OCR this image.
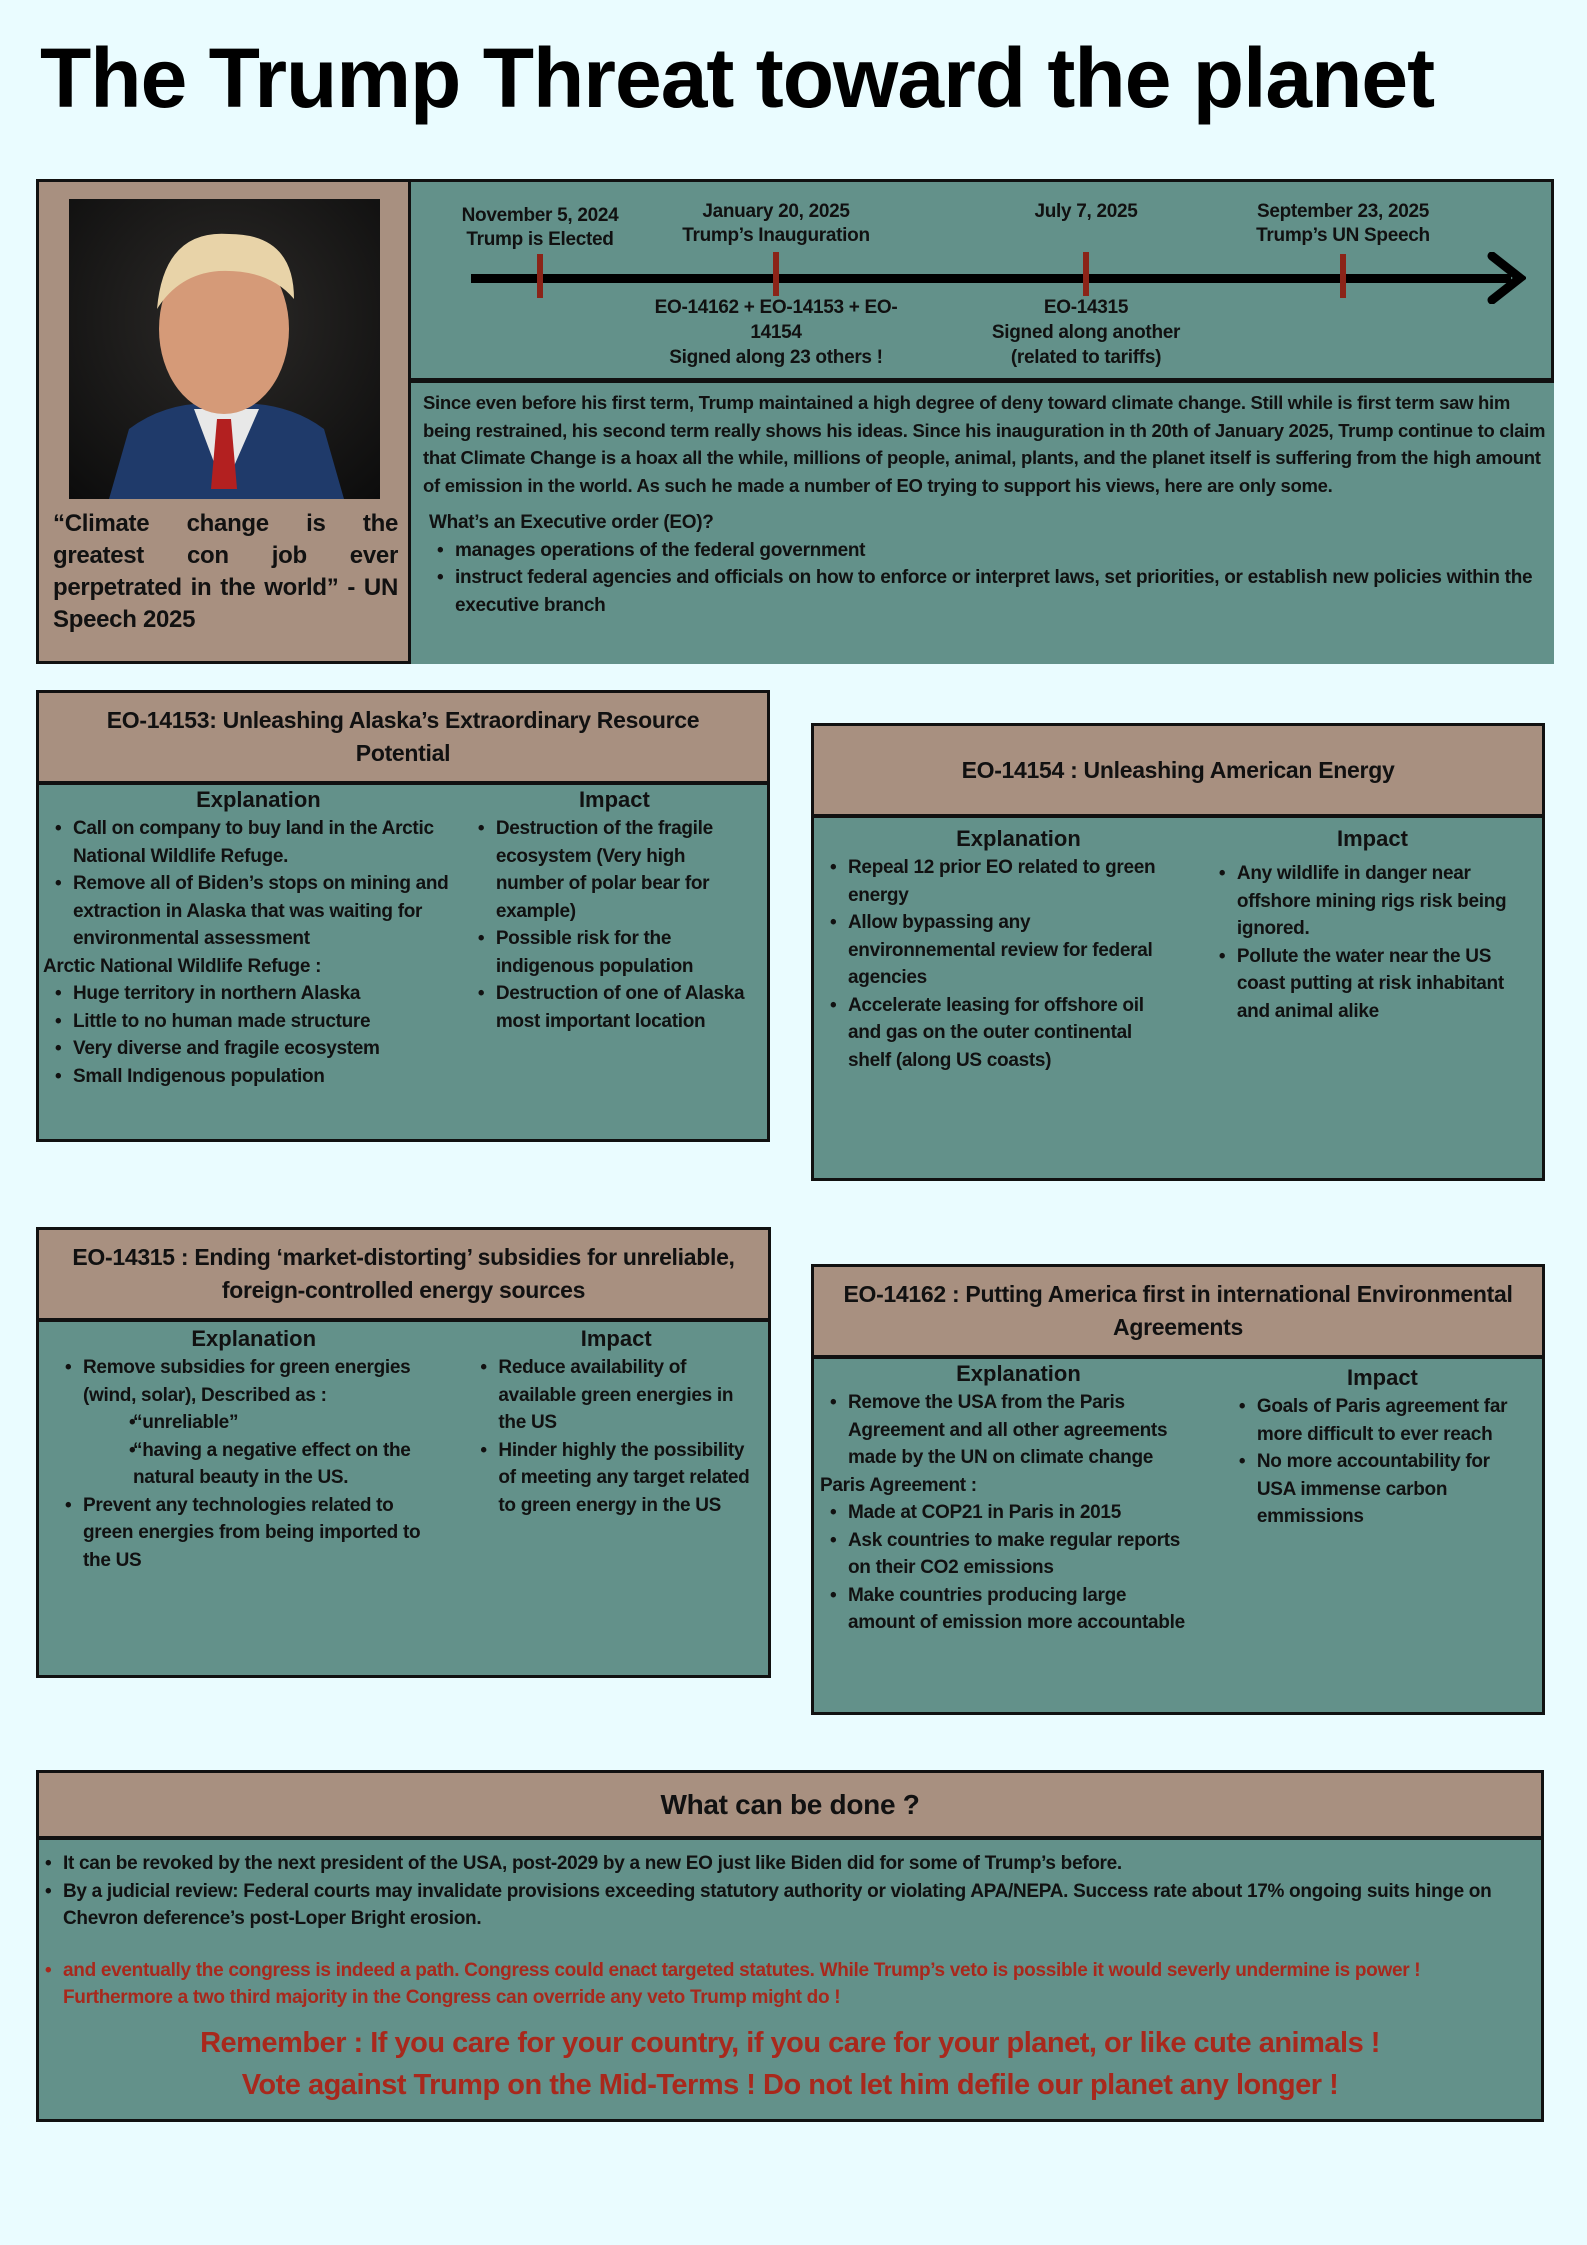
The Trump Threat toward the planet
“Climate change is the greatest con job ever perpetrated in the world” - UN Speech 2025
November 5, 2024
Trump is Elected
January 20, 2025
Trump’s Inauguration
July 7, 2025	September 23, 2025
Trump’s UN Speech
EO-14162 + EO-14153 + EO-14154
Signed along 23 others !
EO-14315
Signed along another
(related to tariffs)

Since even before his first term, Trump maintained a high degree of deny toward climate change. Still while is first term saw him being restrained, his second term really shows his ideas. Since his inauguration in th 20th of January 2025, Trump continue to claim that Climate Change is a hoax all the while, millions of people, animal, plants, and the planet itself is suffering from the high amount of emission in the world. As such he made a number of EO trying to support his views, here are only some.

What’s an Executive order (EO)?

• manages operations of the federal government
• instruct federal agencies and officials on how to enforce or interpret laws, set priorities, or establish new policies within the executive branch
EO-14153: Unleashing Alaska’s Extraordinary Resource Potential
Explanation
• Call on company to buy land in the Arctic National Wildlife Refuge.
• Remove all of Biden’s stops on mining and extraction in Alaska that was waiting for environmental assessment

Arctic National Wildlife Refuge :

• Huge territory in northern Alaska
• Little to no human made structure
• Very diverse and fragile ecosystem
• Small Indigenous population
Impact
• Destruction of the fragile ecosystem (Very high number of polar bear for example)
• Possible risk for the indigenous population
• Destruction of one of Alaska most important location
EO-14154 : Unleashing American Energy
Explanation
• Repeal 12 prior EO related to green energy
• Allow bypassing any environnemental review for federal agencies
• Accelerate leasing for offshore oil and gas on the outer continental shelf (along US coasts)
Impact
• Any wildlife in danger near offshore mining rigs risk being ignored.
• Pollute the water near the US coast putting at risk inhabitant and animal alike
EO-14315 : Ending ‘market-distorting’ subsidies for unreliable, foreign-controlled energy sources
Explanation
• Remove subsidies for green energies (wind, solar), Described as :
• “unreliable”
• “having a negative effect on the natural beauty in the US.
• Prevent any technologies related to green energies from being imported to the US
Impact
• Reduce availability of available green energies in the US
• Hinder highly the possibility of meeting any target related to green energy in the US
EO-14162 : Putting America first in international Environmental Agreements
Explanation
• Remove the USA from the Paris Agreement and all other agreements made by the UN on climate change

Paris Agreement :

• Made at COP21 in Paris in 2015
• Ask countries to make regular reports on their CO2 emissions
• Make countries producing large amount of emission more accountable
Impact
• Goals of Paris agreement far more difficult to ever reach
• No more accountability for USA immense carbon emmissions
What can be done ?
• It can be revoked by the next president of the USA, post-2029 by a new EO just like Biden did for some of Trump’s before.
• By a judicial review: Federal courts may invalidate provisions exceeding statutory authority or violating APA/NEPA. Success rate about 17% ongoing suits hinge on Chevron deference’s post-Loper Bright erosion.
• and eventually the congress is indeed a path. Congress could enact targeted statutes. While Trump’s veto is possible it would severly undermine is power ! Furthermore a two third majority in the Congress can override any veto Trump might do !

Remember : If you care for your country, if you care for your planet, or like cute animals !
Vote against Trump on the Mid-Terms ! Do not let him defile our planet any longer !
